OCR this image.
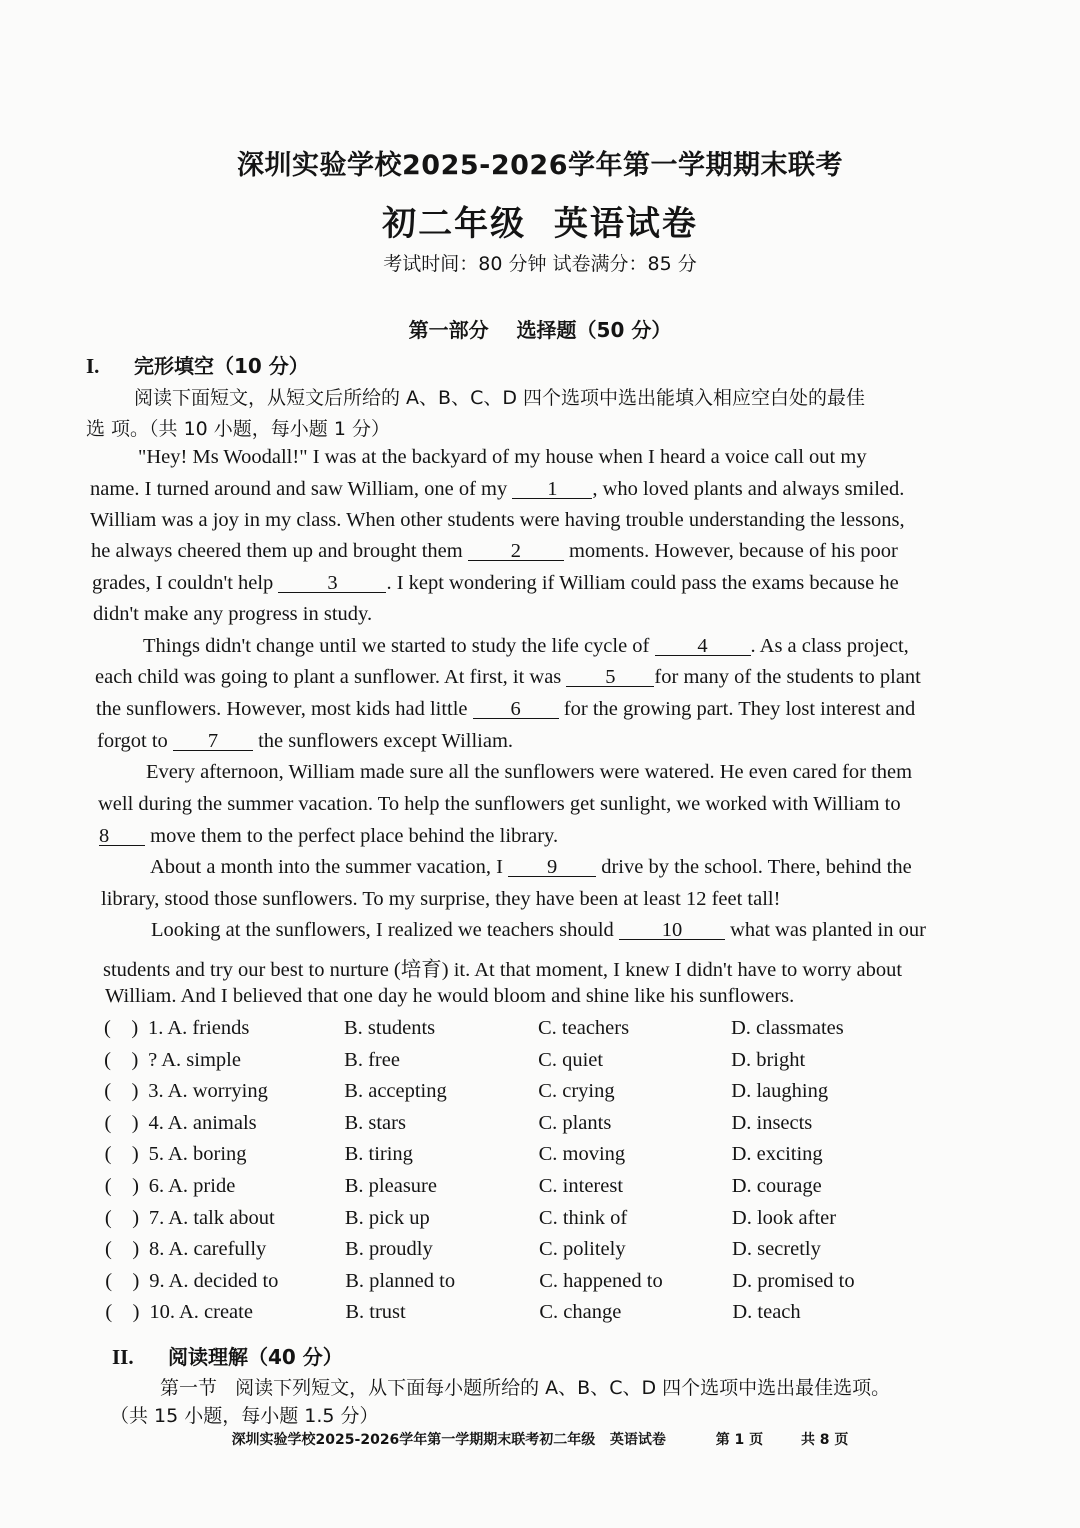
深圳实验学校2025-2026学年第一学期期末联考
初二年级  英语试卷
考试时间：80 分钟 试卷满分：85 分
第一部分    选择题（50 分）
I. 完形填空（10 分）
阅读下面短文，从短文后所给的 A、B、C、D 四个选项中选出能填入相应空白处的最佳
选 项。（共 10 小题，每小题 1 分）
"Hey! Ms Woodall!" I was at the backyard of my house when I heard a voice call out my
name. I turned around and saw William, one of my 1 , who loved plants and always smiled.
William was a joy in my class. When other students were having trouble understanding the lessons,
he always cheered them up and brought them 2 moments. However, because of his poor
grades, I couldn't help	3 . I kept wondering if William could pass the exams because he
didn't make any progress in study.
Things didn't change until we started to study the life cycle of 4 . As a class project,
each child was going to plant a sunflower. At first, it was 5 for many of the students to plant
the sunflowers. However, most kids had little 6 for the growing part. They lost interest and
forgot to 7 the sunflowers except William.
Every afternoon, William made sure all the sunflowers were watered. He even cared for them
well during the summer vacation. To help the sunflowers get sunlight, we worked with William to
8 move them to the perfect place behind the library.
About a month into the summer vacation, I 9 drive by the school. There, behind the
library, stood those sunflowers. To my surprise, they have been at least 12 feet tall!
Looking at the sunflowers, I realized we teachers should 10 what was planted in our
students and try our best to nurture (培育) it. At that moment, I knew I didn't have to worry about
William. And I believed that one day he would bloom and shine like his sunflowers.
(    ) 1. A. friends	B. students	C. teachers	D. classmates
(    ) ? A. simple	B. free	C. quiet	D. bright
(    ) 3. A. worrying	B. accepting	C. crying	D. laughing
(    ) 4. A. animals	B. stars	C. plants	D. insects
(    ) 5. A. boring	B. tiring	C. moving	D. exciting
(    ) 6. A. pride	B. pleasure	C. interest	D. courage
(    ) 7. A. talk about	B. pick up	C. think of	D. look after
(    ) 8. A. carefully	B. proudly	C. politely	D. secretly
(    ) 9. A. decided to	B. planned to	C. happened to	D. promised to
(    ) 10. A. create	B. trust	C. change	D. teach
II. 阅读理解（40 分）
第一节   阅读下列短文，从下面每小题所给的 A、B、C、D 四个选项中选出最佳选项。
（共 15 小题，每小题 1.5 分）
深圳实验学校2025-2026学年第一学期期末联考初二年级   英语试卷	第 1 页	共 8 页
